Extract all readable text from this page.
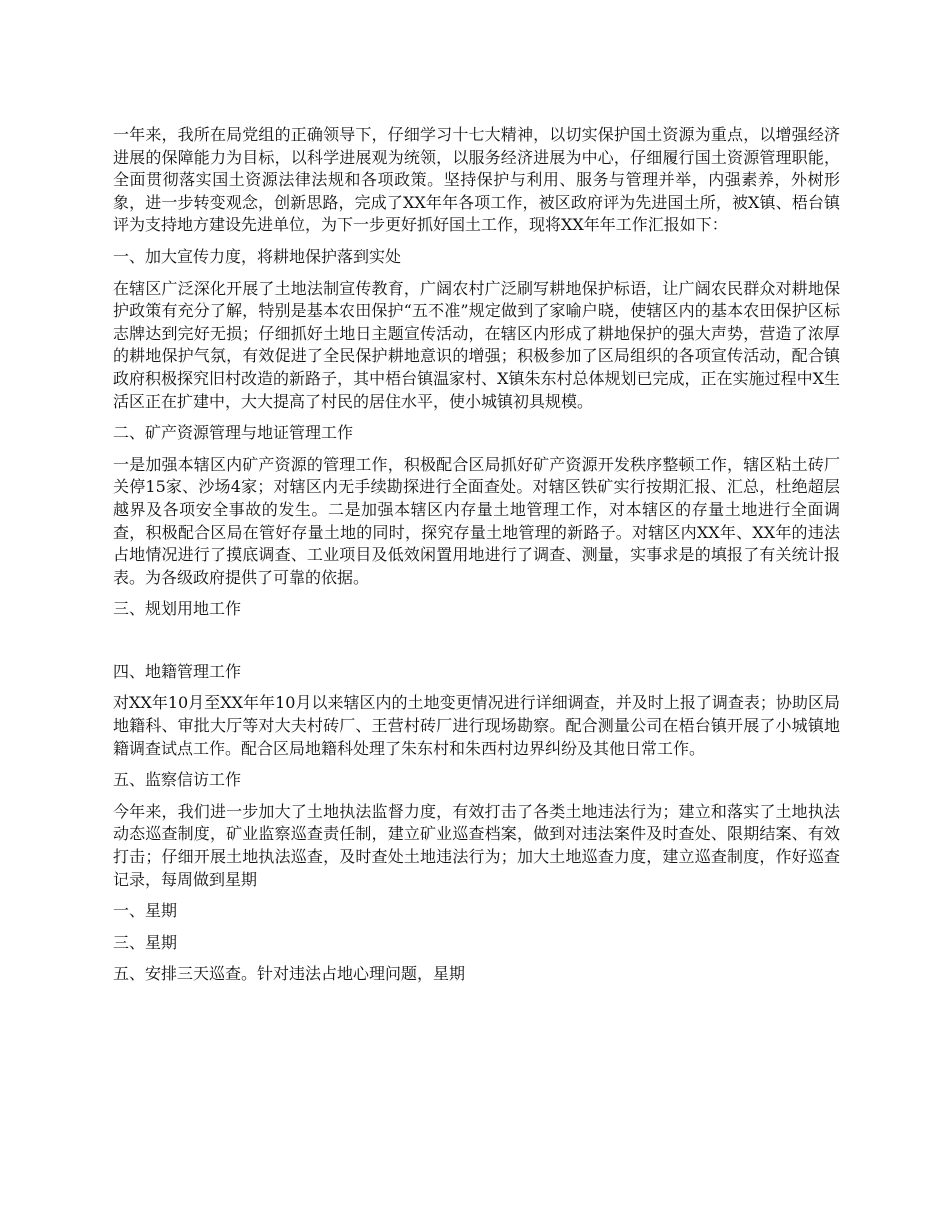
一年来，我所在局党组的正确领导下，仔细学习十七大精神，以切实保护国土资源为重点，以增强经济进展的保障能力为目标，以科学进展观为统领，以服务经济进展为中心，仔细履行国土资源管理职能，全面贯彻落实国土资源法律法规和各项政策。坚持保护与利用、服务与管理并举，内强素养，外树形象，进一步转变观念，创新思路，完成了XX年年各项工作，被区政府评为先进国土所，被X镇、梧台镇评为支持地方建设先进单位，为下一步更好抓好国土工作，现将XX年年工作汇报如下：

一、加大宣传力度，将耕地保护落到实处

在辖区广泛深化开展了土地法制宣传教育，广阔农村广泛刷写耕地保护标语，让广阔农民群众对耕地保护政策有充分了解，特别是基本农田保护“五不准”规定做到了家喻户晓，使辖区内的基本农田保护区标志牌达到完好无损；仔细抓好土地日主题宣传活动，在辖区内形成了耕地保护的强大声势，营造了浓厚的耕地保护气氛，有效促进了全民保护耕地意识的增强；积极参加了区局组织的各项宣传活动，配合镇政府积极探究旧村改造的新路子，其中梧台镇温家村、X镇朱东村总体规划已完成，正在实施过程中X生活区正在扩建中，大大提高了村民的居住水平，使小城镇初具规模。

二、矿产资源管理与地证管理工作

一是加强本辖区内矿产资源的管理工作，积极配合区局抓好矿产资源开发秩序整顿工作，辖区粘土砖厂关停15家、沙场4家；对辖区内无手续勘探进行全面查处。对辖区铁矿实行按期汇报、汇总，杜绝超层越界及各项安全事故的发生。二是加强本辖区内存量土地管理工作，对本辖区的存量土地进行全面调查，积极配合区局在管好存量土地的同时，探究存量土地管理的新路子。对辖区内XX年、XX年的违法占地情况进行了摸底调查、工业项目及低效闲置用地进行了调查、测量，实事求是的填报了有关统计报表。为各级政府提供了可靠的依据。

三、规划用地工作

四、地籍管理工作

对XX年10月至XX年年10月以来辖区内的土地变更情况进行详细调查，并及时上报了调查表；协助区局地籍科、审批大厅等对大夫村砖厂、王营村砖厂进行现场勘察。配合测量公司在梧台镇开展了小城镇地籍调查试点工作。配合区局地籍科处理了朱东村和朱西村边界纠纷及其他日常工作。

五、监察信访工作

今年来，我们进一步加大了土地执法监督力度，有效打击了各类土地违法行为；建立和落实了土地执法动态巡查制度，矿业监察巡查责任制，建立矿业巡查档案，做到对违法案件及时查处、限期结案、有效打击；仔细开展土地执法巡查，及时查处土地违法行为；加大土地巡查力度，建立巡查制度，作好巡查记录，每周做到星期

一、星期

三、星期

五、安排三天巡查。针对违法占地心理问题，星期
